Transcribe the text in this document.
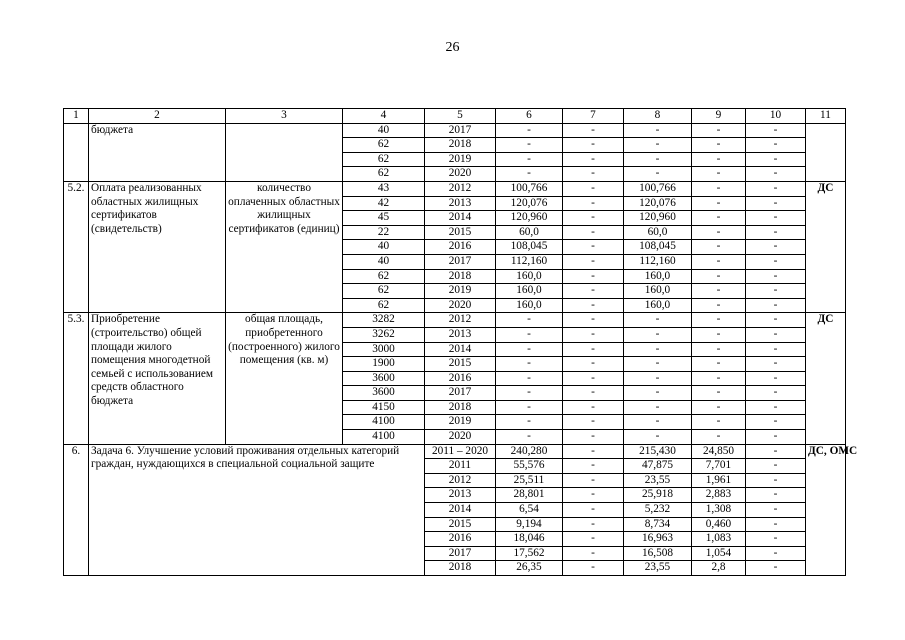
26
1	2	3	4	5	6	7	8	9	10	11
	бюджета		40	2017	-	-	-	-	-	
			62	2018	-	-	-	-	-	
			62	2019	-	-	-	-	-	
			62	2020	-	-	-	-	-	
5.2.	Оплата реализованных областных жилищных сертификатов (свидетельств)	количество оплаченных областных жилищных сертификатов (единиц)	43	2012	100,766	-	100,766	-	-	ДС
			42	2013	120,076	-	120,076	-	-	
			45	2014	120,960	-	120,960	-	-	
			22	2015	60,0	-	60,0	-	-	
			40	2016	108,045	-	108,045	-	-	
			40	2017	112,160	-	112,160	-	-	
			62	2018	160,0	-	160,0	-	-	
			62	2019	160,0	-	160,0	-	-	
			62	2020	160,0	-	160,0	-	-	
5.3.	Приобретение (строительство) общей площади жилого помещения многодетной семьей с использованием средств областного бюджета	общая площадь, приобретенного (построенного) жилого помещения (кв. м)	3282	2012	-	-	-	-	-	ДС
			3262	2013	-	-	-	-	-	
			3000	2014	-	-	-	-	-	
			1900	2015	-	-	-	-	-	
			3600	2016	-	-	-	-	-	
			3600	2017	-	-	-	-	-	
			4150	2018	-	-	-	-	-	
			4100	2019	-	-	-	-	-	
			4100	2020	-	-	-	-	-	
6.	Задача 6. Улучшение условий проживания отдельных категорий граждан, нуждающихся в специальной социальной защите			2011 – 2020	240,280	-	215,430	24,850	-	ДС, ОМС
				2011	55,576	-	47,875	7,701	-	
				2012	25,511	-	23,55	1,961	-	
				2013	28,801	-	25,918	2,883	-	
				2014	6,54	-	5,232	1,308	-	
				2015	9,194	-	8,734	0,460	-	
				2016	18,046	-	16,963	1,083	-	
				2017	17,562	-	16,508	1,054	-	
				2018	26,35	-	23,55	2,8	-	
